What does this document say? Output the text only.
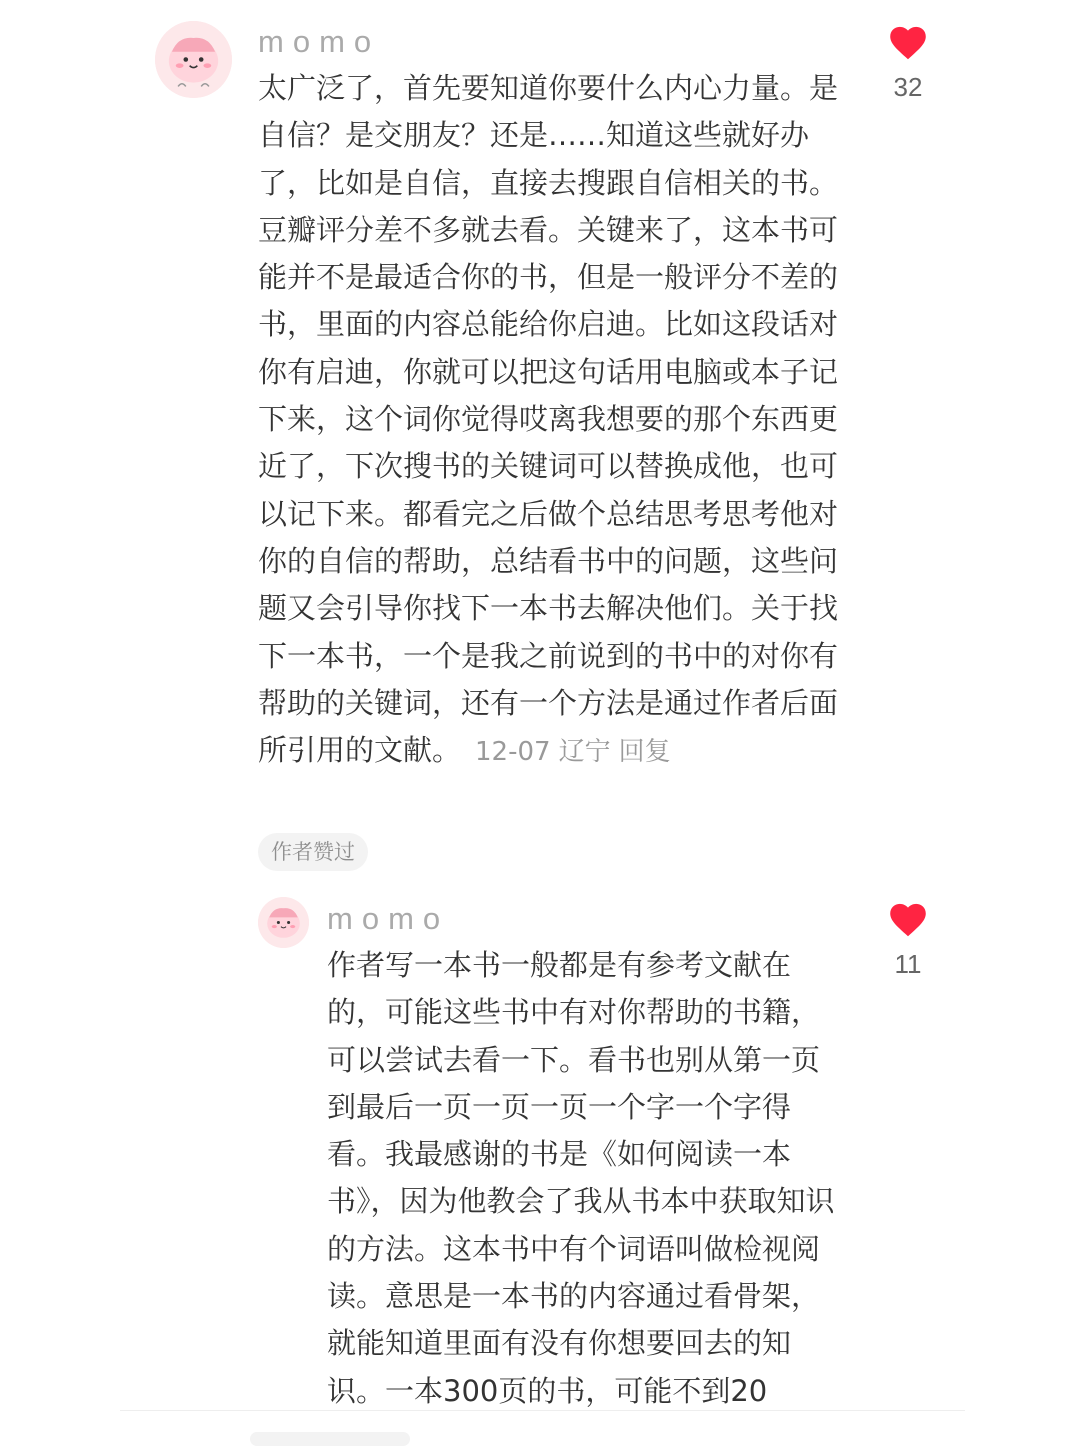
momo

太广泛了，首先要知道你要什么内心力量。是自信？是交朋友？还是……知道这些就好办了，比如是自信，直接去搜跟自信相关的书。豆瓣评分差不多就去看。关键来了，这本书可能并不是最适合你的书，但是一般评分不差的书，里面的内容总能给你启迪。比如这段话对你有启迪，你就可以把这句话用电脑或本子记下来，这个词你觉得哎离我想要的那个东西更近了，下次搜书的关键词可以替换成他，也可以记下来。都看完之后做个总结思考思考他对你的自信的帮助，总结看书中的问题，这些问题又会引导你找下一本书去解决他们。关于找下一本书，一个是我之前说到的书中的对你有帮助的关键词，还有一个方法是通过作者后面所引用的文献。 12-07 辽宁 回复

作者赞过
32
momo

作者写一本书一般都是有参考文献在的，可能这些书中有对你帮助的书籍，可以尝试去看一下。看书也别从第一页到最后一页一页一页一个字一个字得看。我最感谢的书是《如何阅读一本书》，因为他教会了我从书本中获取知识的方法。这本书中有个词语叫做检视阅读。意思是一本书的内容通过看骨架，就能知道里面有没有你想要回去的知识。一本300页的书，可能不到20

11
